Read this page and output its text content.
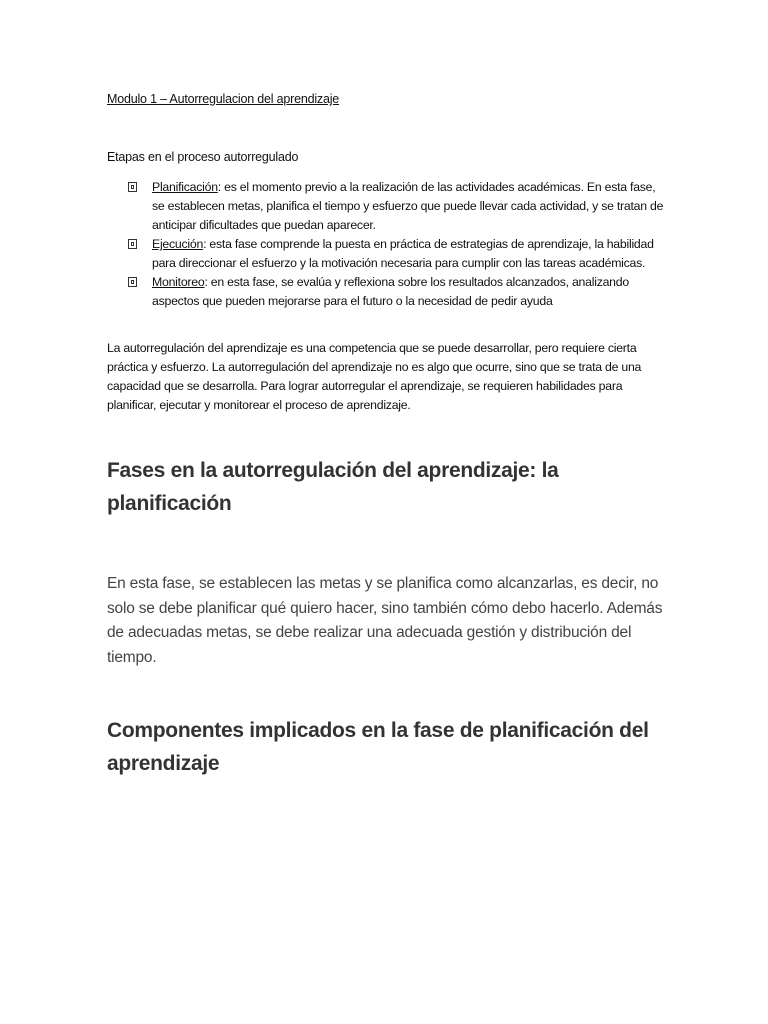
Modulo 1 – Autorregulacion del aprendizaje

Etapas en el proceso autorregulado

Planificación: es el momento previo a la realización de las actividades académicas. En esta fase, se establecen metas, planifica el tiempo y esfuerzo que puede llevar cada actividad, y se tratan de anticipar dificultades que puedan aparecer.
Ejecución: esta fase comprende la puesta en práctica de estrategias de aprendizaje, la habilidad para direccionar el esfuerzo y la motivación necesaria para cumplir con las tareas académicas.
Monitoreo: en esta fase, se evalúa y reflexiona sobre los resultados alcanzados, analizando aspectos que pueden mejorarse para el futuro o la necesidad de pedir ayuda

La autorregulación del aprendizaje es una competencia que se puede desarrollar, pero requiere cierta práctica y esfuerzo. La autorregulación del aprendizaje no es algo que ocurre, sino que se trata de una capacidad que se desarrolla. Para lograr autorregular el aprendizaje, se requieren habilidades para planificar, ejecutar y monitorear el proceso de aprendizaje.

Fases en la autorregulación del aprendizaje: la planificación

En esta fase, se establecen las metas y se planifica como alcanzarlas, es decir, no solo se debe planificar qué quiero hacer, sino también cómo debo hacerlo. Además de adecuadas metas, se debe realizar una adecuada gestión y distribución del tiempo.

Componentes implicados en la fase de planificación del aprendizaje
